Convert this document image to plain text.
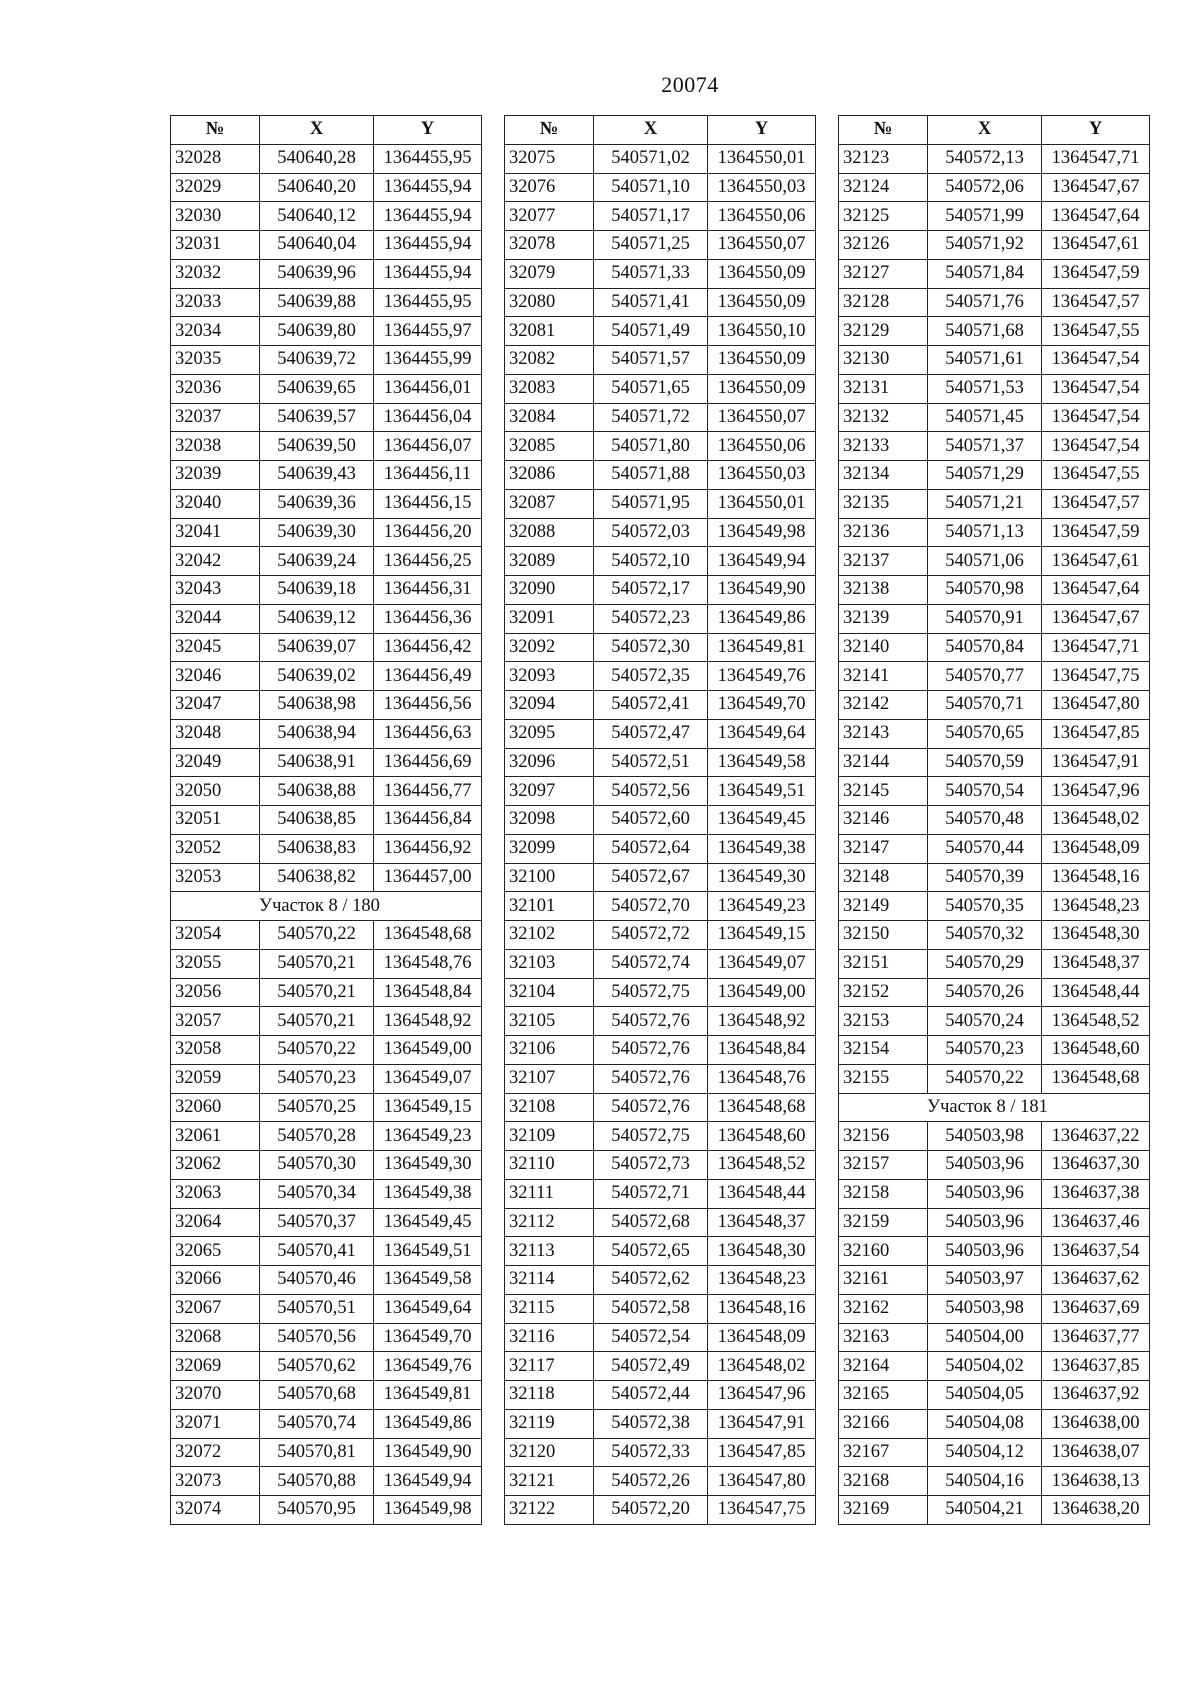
20074
№	X	Y
32028	540640,28	1364455,95
32029	540640,20	1364455,94
32030	540640,12	1364455,94
32031	540640,04	1364455,94
32032	540639,96	1364455,94
32033	540639,88	1364455,95
32034	540639,80	1364455,97
32035	540639,72	1364455,99
32036	540639,65	1364456,01
32037	540639,57	1364456,04
32038	540639,50	1364456,07
32039	540639,43	1364456,11
32040	540639,36	1364456,15
32041	540639,30	1364456,20
32042	540639,24	1364456,25
32043	540639,18	1364456,31
32044	540639,12	1364456,36
32045	540639,07	1364456,42
32046	540639,02	1364456,49
32047	540638,98	1364456,56
32048	540638,94	1364456,63
32049	540638,91	1364456,69
32050	540638,88	1364456,77
32051	540638,85	1364456,84
32052	540638,83	1364456,92
32053	540638,82	1364457,00
Участок 8 / 180		
32054	540570,22	1364548,68
32055	540570,21	1364548,76
32056	540570,21	1364548,84
32057	540570,21	1364548,92
32058	540570,22	1364549,00
32059	540570,23	1364549,07
32060	540570,25	1364549,15
32061	540570,28	1364549,23
32062	540570,30	1364549,30
32063	540570,34	1364549,38
32064	540570,37	1364549,45
32065	540570,41	1364549,51
32066	540570,46	1364549,58
32067	540570,51	1364549,64
32068	540570,56	1364549,70
32069	540570,62	1364549,76
32070	540570,68	1364549,81
32071	540570,74	1364549,86
32072	540570,81	1364549,90
32073	540570,88	1364549,94
32074	540570,95	1364549,98
№	X	Y
32075	540571,02	1364550,01
32076	540571,10	1364550,03
32077	540571,17	1364550,06
32078	540571,25	1364550,07
32079	540571,33	1364550,09
32080	540571,41	1364550,09
32081	540571,49	1364550,10
32082	540571,57	1364550,09
32083	540571,65	1364550,09
32084	540571,72	1364550,07
32085	540571,80	1364550,06
32086	540571,88	1364550,03
32087	540571,95	1364550,01
32088	540572,03	1364549,98
32089	540572,10	1364549,94
32090	540572,17	1364549,90
32091	540572,23	1364549,86
32092	540572,30	1364549,81
32093	540572,35	1364549,76
32094	540572,41	1364549,70
32095	540572,47	1364549,64
32096	540572,51	1364549,58
32097	540572,56	1364549,51
32098	540572,60	1364549,45
32099	540572,64	1364549,38
32100	540572,67	1364549,30
32101	540572,70	1364549,23
32102	540572,72	1364549,15
32103	540572,74	1364549,07
32104	540572,75	1364549,00
32105	540572,76	1364548,92
32106	540572,76	1364548,84
32107	540572,76	1364548,76
32108	540572,76	1364548,68
32109	540572,75	1364548,60
32110	540572,73	1364548,52
32111	540572,71	1364548,44
32112	540572,68	1364548,37
32113	540572,65	1364548,30
32114	540572,62	1364548,23
32115	540572,58	1364548,16
32116	540572,54	1364548,09
32117	540572,49	1364548,02
32118	540572,44	1364547,96
32119	540572,38	1364547,91
32120	540572,33	1364547,85
32121	540572,26	1364547,80
32122	540572,20	1364547,75
№	X	Y
32123	540572,13	1364547,71
32124	540572,06	1364547,67
32125	540571,99	1364547,64
32126	540571,92	1364547,61
32127	540571,84	1364547,59
32128	540571,76	1364547,57
32129	540571,68	1364547,55
32130	540571,61	1364547,54
32131	540571,53	1364547,54
32132	540571,45	1364547,54
32133	540571,37	1364547,54
32134	540571,29	1364547,55
32135	540571,21	1364547,57
32136	540571,13	1364547,59
32137	540571,06	1364547,61
32138	540570,98	1364547,64
32139	540570,91	1364547,67
32140	540570,84	1364547,71
32141	540570,77	1364547,75
32142	540570,71	1364547,80
32143	540570,65	1364547,85
32144	540570,59	1364547,91
32145	540570,54	1364547,96
32146	540570,48	1364548,02
32147	540570,44	1364548,09
32148	540570,39	1364548,16
32149	540570,35	1364548,23
32150	540570,32	1364548,30
32151	540570,29	1364548,37
32152	540570,26	1364548,44
32153	540570,24	1364548,52
32154	540570,23	1364548,60
32155	540570,22	1364548,68
Участок 8 / 181		
32156	540503,98	1364637,22
32157	540503,96	1364637,30
32158	540503,96	1364637,38
32159	540503,96	1364637,46
32160	540503,96	1364637,54
32161	540503,97	1364637,62
32162	540503,98	1364637,69
32163	540504,00	1364637,77
32164	540504,02	1364637,85
32165	540504,05	1364637,92
32166	540504,08	1364638,00
32167	540504,12	1364638,07
32168	540504,16	1364638,13
32169	540504,21	1364638,20
